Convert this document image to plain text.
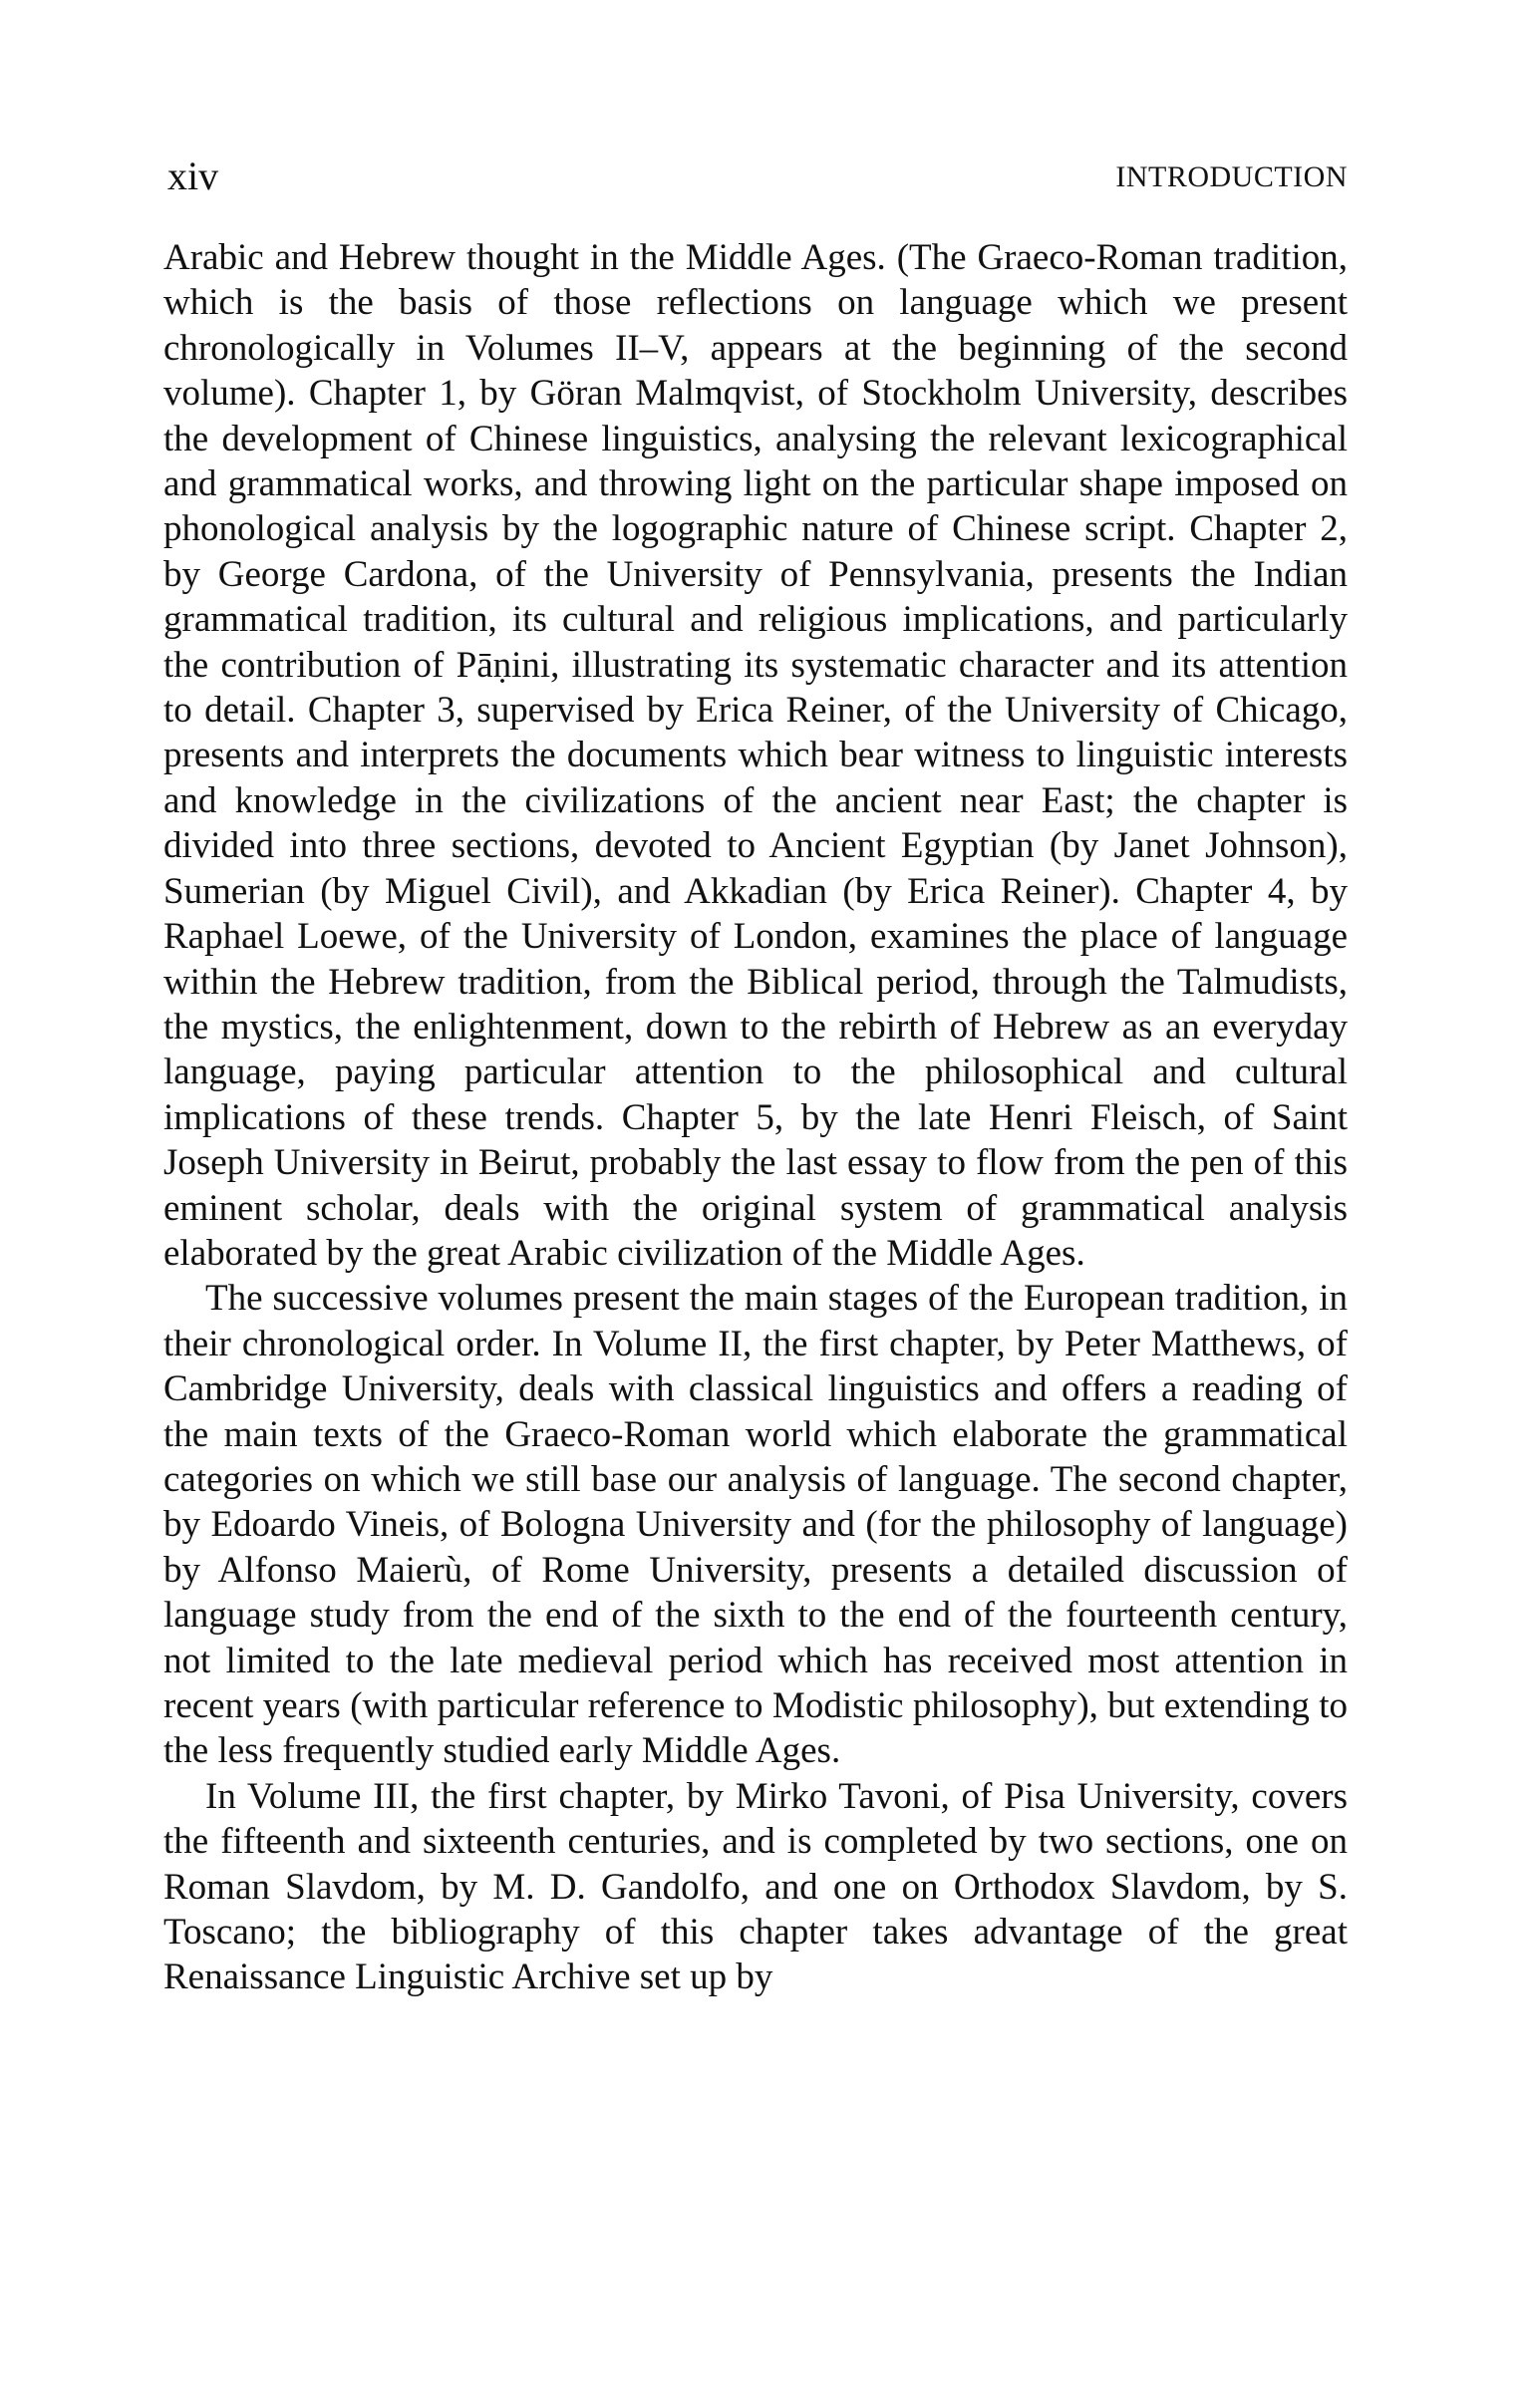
xiv	INTRODUCTION

Arabic and Hebrew thought in the Middle Ages. (The Graeco-Roman tradition, which is the basis of those reflections on language which we present chronologically in Volumes II–V, appears at the beginning of the second volume). Chapter 1, by Göran Malmqvist, of Stockholm University, describes the development of Chinese linguistics, analysing the relevant lexicographical and grammatical works, and throwing light on the particular shape imposed on phonological analysis by the logographic nature of Chinese script. Chapter 2, by George Cardona, of the University of Pennsylvania, presents the Indian grammatical tradition, its cultural and religious implications, and particularly the contribution of Pāṇini, illustrating its systematic character and its attention to detail. Chapter 3, supervised by Erica Reiner, of the University of Chicago, presents and interprets the documents which bear witness to linguistic interests and knowledge in the civilizations of the ancient near East; the chapter is divided into three sections, devoted to Ancient Egyptian (by Janet Johnson), Sumerian (by Miguel Civil), and Akkadian (by Erica Reiner). Chapter 4, by Raphael Loewe, of the University of London, examines the place of language within the Hebrew tradition, from the Biblical period, through the Talmudists, the mystics, the enlightenment, down to the rebirth of Hebrew as an everyday language, paying particular attention to the philosophical and cultural implications of these trends. Chapter 5, by the late Henri Fleisch, of Saint Joseph University in Beirut, probably the last essay to flow from the pen of this eminent scholar, deals with the original system of grammatical analysis elaborated by the great Arabic civilization of the Middle Ages.

The successive volumes present the main stages of the European tradition, in their chronological order. In Volume II, the first chapter, by Peter Matthews, of Cambridge University, deals with classical linguistics and offers a reading of the main texts of the Graeco-Roman world which elaborate the grammatical categories on which we still base our analysis of language. The second chapter, by Edoardo Vineis, of Bologna University and (for the philosophy of language) by Alfonso Maierù, of Rome University, presents a detailed discussion of language study from the end of the sixth to the end of the fourteenth century, not limited to the late medieval period which has received most attention in recent years (with particular reference to Modistic philosophy), but extending to the less frequently studied early Middle Ages.

In Volume III, the first chapter, by Mirko Tavoni, of Pisa University, covers the fifteenth and sixteenth centuries, and is completed by two sections, one on Roman Slavdom, by M. D. Gandolfo, and one on Orthodox Slavdom, by S. Toscano; the bibliography of this chapter takes advantage of the great Renaissance Linguistic Archive set up by
